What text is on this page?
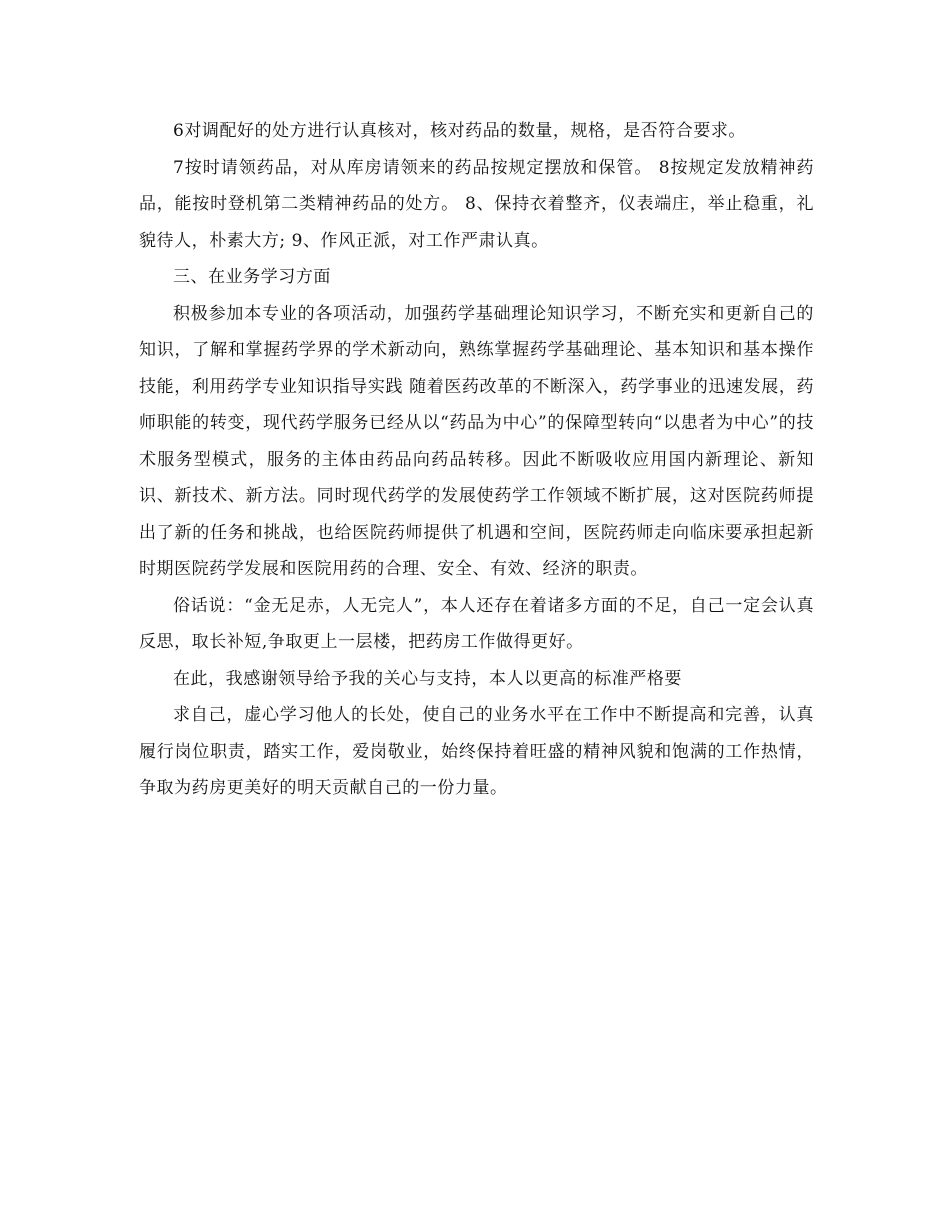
6对调配好的处方进行认真核对，核对药品的数量，规格，是否符合要求。

7按时请领药品，对从库房请领来的药品按规定摆放和保管。 8按规定发放精神药品，能按时登机第二类精神药品的处方。 8、保持衣着整齐，仪表端庄，举止稳重，礼貌待人，朴素大方; 9、作风正派，对工作严肃认真。

三、在业务学习方面

积极参加本专业的各项活动，加强药学基础理论知识学习，不断充实和更新自己的知识，了解和掌握药学界的学术新动向，熟练掌握药学基础理论、基本知识和基本操作技能，利用药学专业知识指导实践 随着医药改革的不断深入，药学事业的迅速发展，药师职能的转变，现代药学服务已经从以“药品为中心”的保障型转向“以患者为中心”的技术服务型模式，服务的主体由药品向药品转移。因此不断吸收应用国内新理论、新知识、新技术、新方法。同时现代药学的发展使药学工作领域不断扩展，这对医院药师提出了新的任务和挑战，也给医院药师提供了机遇和空间，医院药师走向临床要承担起新时期医院药学发展和医院用药的合理、安全、有效、经济的职责。

俗话说：“金无足赤，人无完人”，本人还存在着诸多方面的不足，自己一定会认真反思，取长补短,争取更上一层楼，把药房工作做得更好。

在此，我感谢领导给予我的关心与支持，本人以更高的标准严格要

求自己，虚心学习他人的长处，使自己的业务水平在工作中不断提高和完善，认真履行岗位职责，踏实工作，爱岗敬业，始终保持着旺盛的精神风貌和饱满的工作热情，争取为药房更美好的明天贡献自己的一份力量。
